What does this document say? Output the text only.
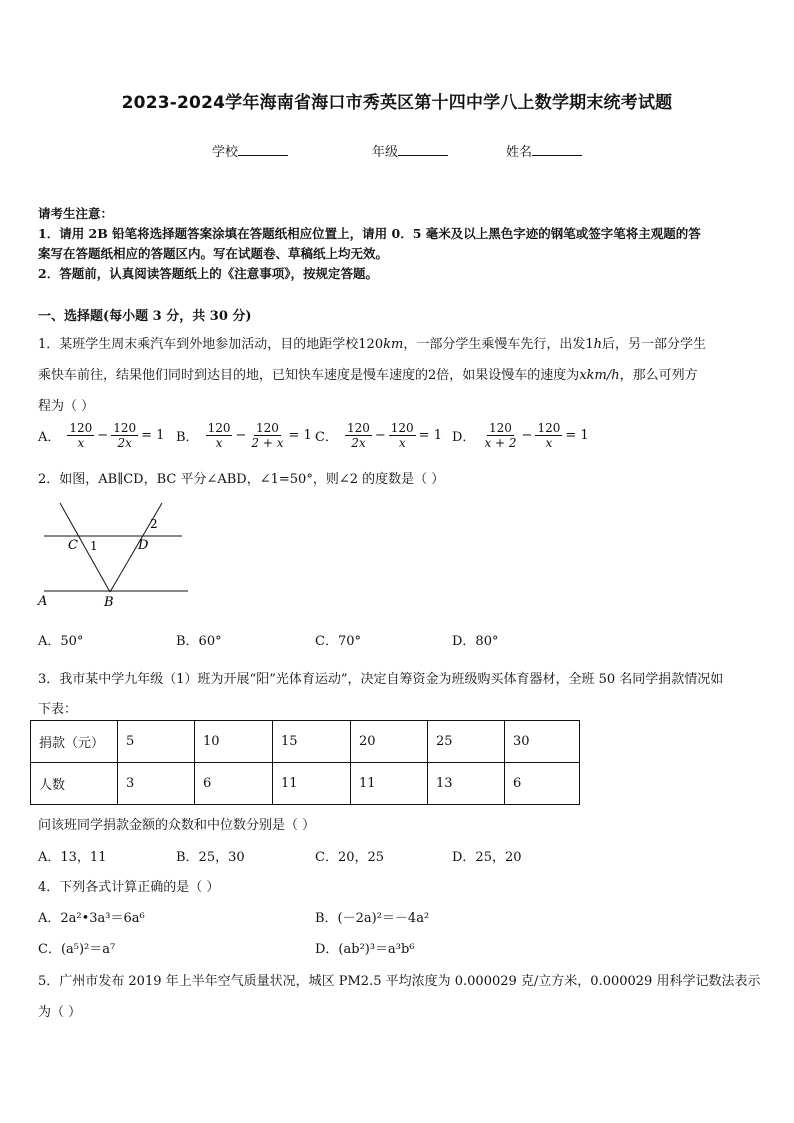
2023-2024学年海南省海口市秀英区第十四中学八上数学期末统考试题
学校	年级	姓名
请考生注意：
1．请用 2B 铅笔将选择题答案涂填在答题纸相应位置上，请用 0．5 毫米及以上黑色字迹的钢笔或签字笔将主观题的答
案写在答题纸相应的答题区内。写在试题卷、草稿纸上均无效。
2．答题前，认真阅读答题纸上的《注意事项》，按规定答题。
一、选择题(每小题 3 分，共 30 分)
1．某班学生周末乘汽车到外地参加活动，目的地距学校120km，一部分学生乘慢车先行，出发1h后，另一部分学生
乘快车前往，结果他们同时到达目的地，已知快车速度是慢车速度的2倍，如果设慢车的速度为xkm/h，那么可列方
程为（ ）
A． $\frac{120}{x} - \frac{120}{2x} = 1$ B． $\frac{120}{x} - \frac{120}{2 + x} = 1$ C． $\frac{120}{2x} - \frac{120}{x} = 1$ D． $\frac{120}{x + 2} - \frac{120}{x} = 1$
2．如图，AB∥CD，BC 平分∠ABD，∠1=50°，则∠2 的度数是（ ）
C 1	D
2
A	B
A．50°	B．60°	C．70°	D．80°
3．我市某中学九年级（1）班为开展“阳”光体育运动”，决定自筹资金为班级购买体育器材，全班 50 名同学捐款情况如
下表：
捐款（元）	5	10	15	20	25	30
人数	3	6	11	11	13	6
问该班同学捐款金额的众数和中位数分别是（ ）
A．13，11	B．25，30	C．20，25	D．25，20
4．下列各式计算正确的是（ ）
A．2a²•3a³＝6a⁶	B．(－2a)²＝－4a²
C．(a⁵)²＝a⁷	D．(ab²)³＝a³b⁶
5．广州市发布 2019 年上半年空气质量状况，城区 PM2.5 平均浓度为 0.000029 克/立方米，0.000029 用科学记数法表示
为（ ）
